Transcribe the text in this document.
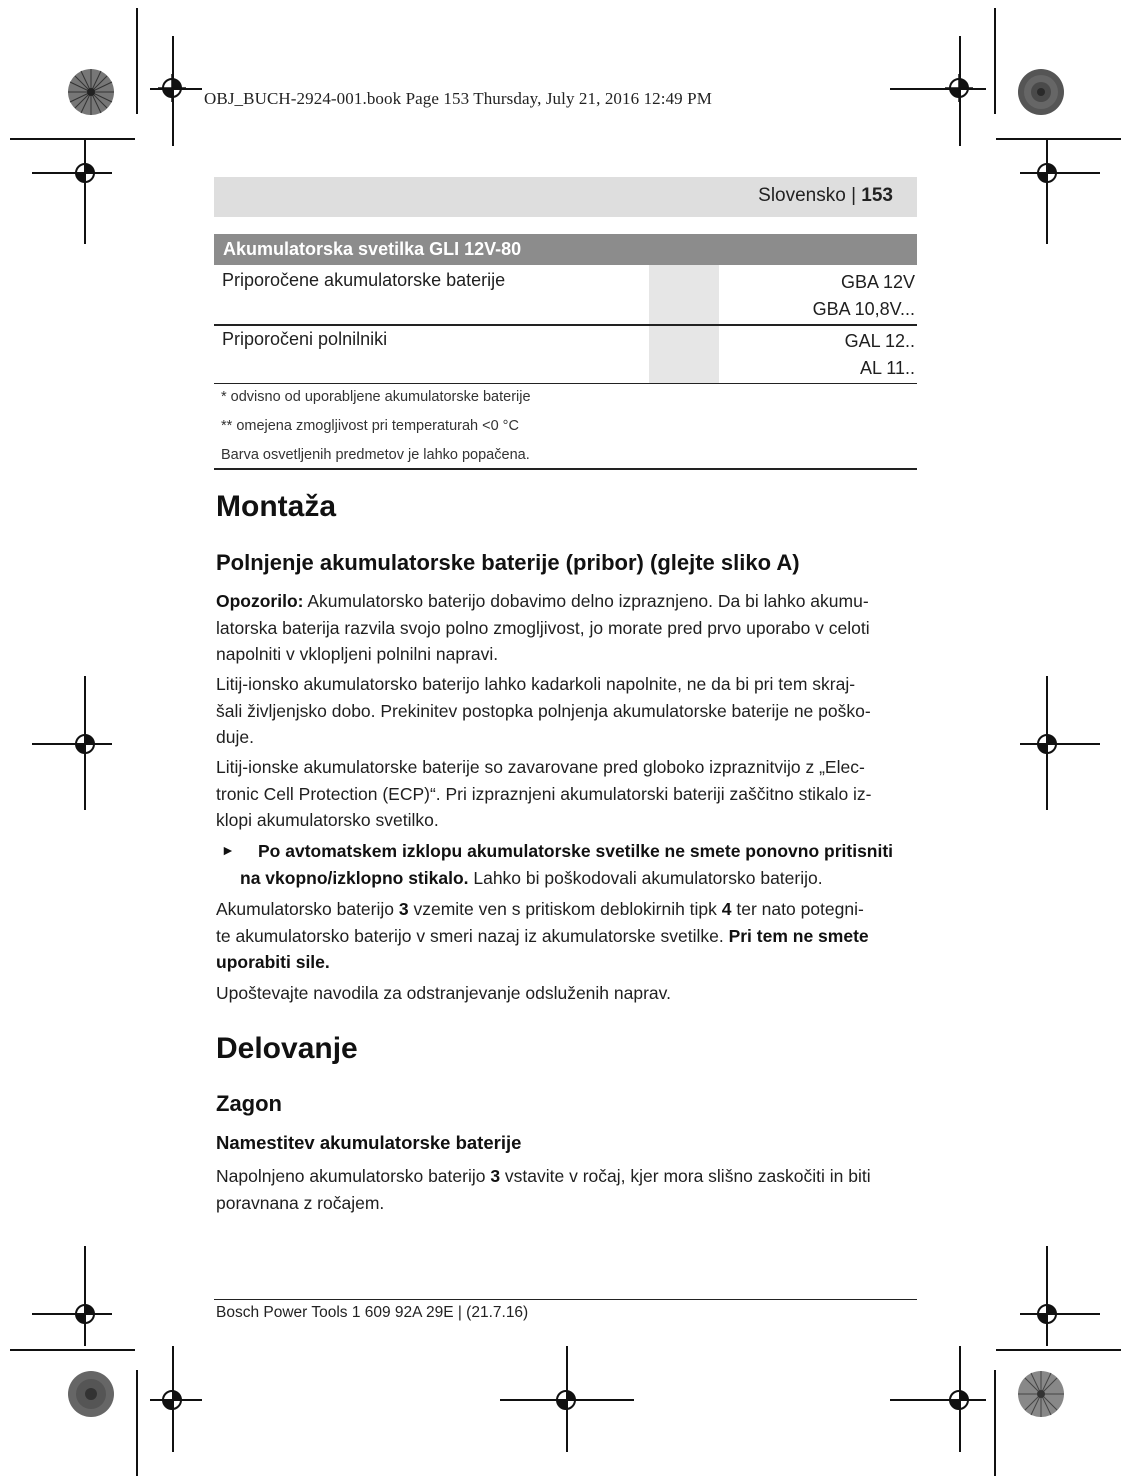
OBJ_BUCH-2924-001.book Page 153 Thursday, July 21, 2016 12:49 PM
Slovensko | 153
Akumulatorska svetilka GLI 12V-80
Priporočene akumulatorske baterije	GBA 12V
GBA 10,8V...
Priporočeni polnilniki	GAL 12..
AL 11..
* odvisno od uporabljene akumulatorske baterije
** omejena zmogljivost pri temperaturah <0 °C
Barva osvetljenih predmetov je lahko popačena.
Montaža
Polnjenje akumulatorske baterije (pribor) (glejte sliko A)
Opozorilo: Akumulatorsko baterijo dobavimo delno izpraznjeno. Da bi lahko akumu-
latorska baterija razvila svojo polno zmogljivost, jo morate pred prvo uporabo v celoti
napolniti v vklopljeni polnilni napravi.
Litij-ionsko akumulatorsko baterijo lahko kadarkoli napolnite, ne da bi pri tem skraj-
šali življenjsko dobo. Prekinitev postopka polnjenja akumulatorske baterije ne poško-
duje.
Litij-ionske akumulatorske baterije so zavarovane pred globoko izpraznitvijo z „Elec-
tronic Cell Protection (ECP)“. Pri izpraznjeni akumulatorski bateriji zaščitno stikalo iz-
klopi akumulatorsko svetilko.
►	Po avtomatskem izklopu akumulatorske svetilke ne smete ponovno pritisniti
na vkopno/izklopno stikalo. Lahko bi poškodovali akumulatorsko baterijo.
Akumulatorsko baterijo 3 vzemite ven s pritiskom deblokirnih tipk 4 ter nato potegni-
te akumulatorsko baterijo v smeri nazaj iz akumulatorske svetilke. Pri tem ne smete
uporabiti sile.
Upoštevajte navodila za odstranjevanje odsluženih naprav.
Delovanje
Zagon
Namestitev akumulatorske baterije
Napolnjeno akumulatorsko baterijo 3 vstavite v ročaj, kjer mora slišno zaskočiti in biti
poravnana z ročajem.
Bosch Power Tools 1 609 92A 29E | (21.7.16)
